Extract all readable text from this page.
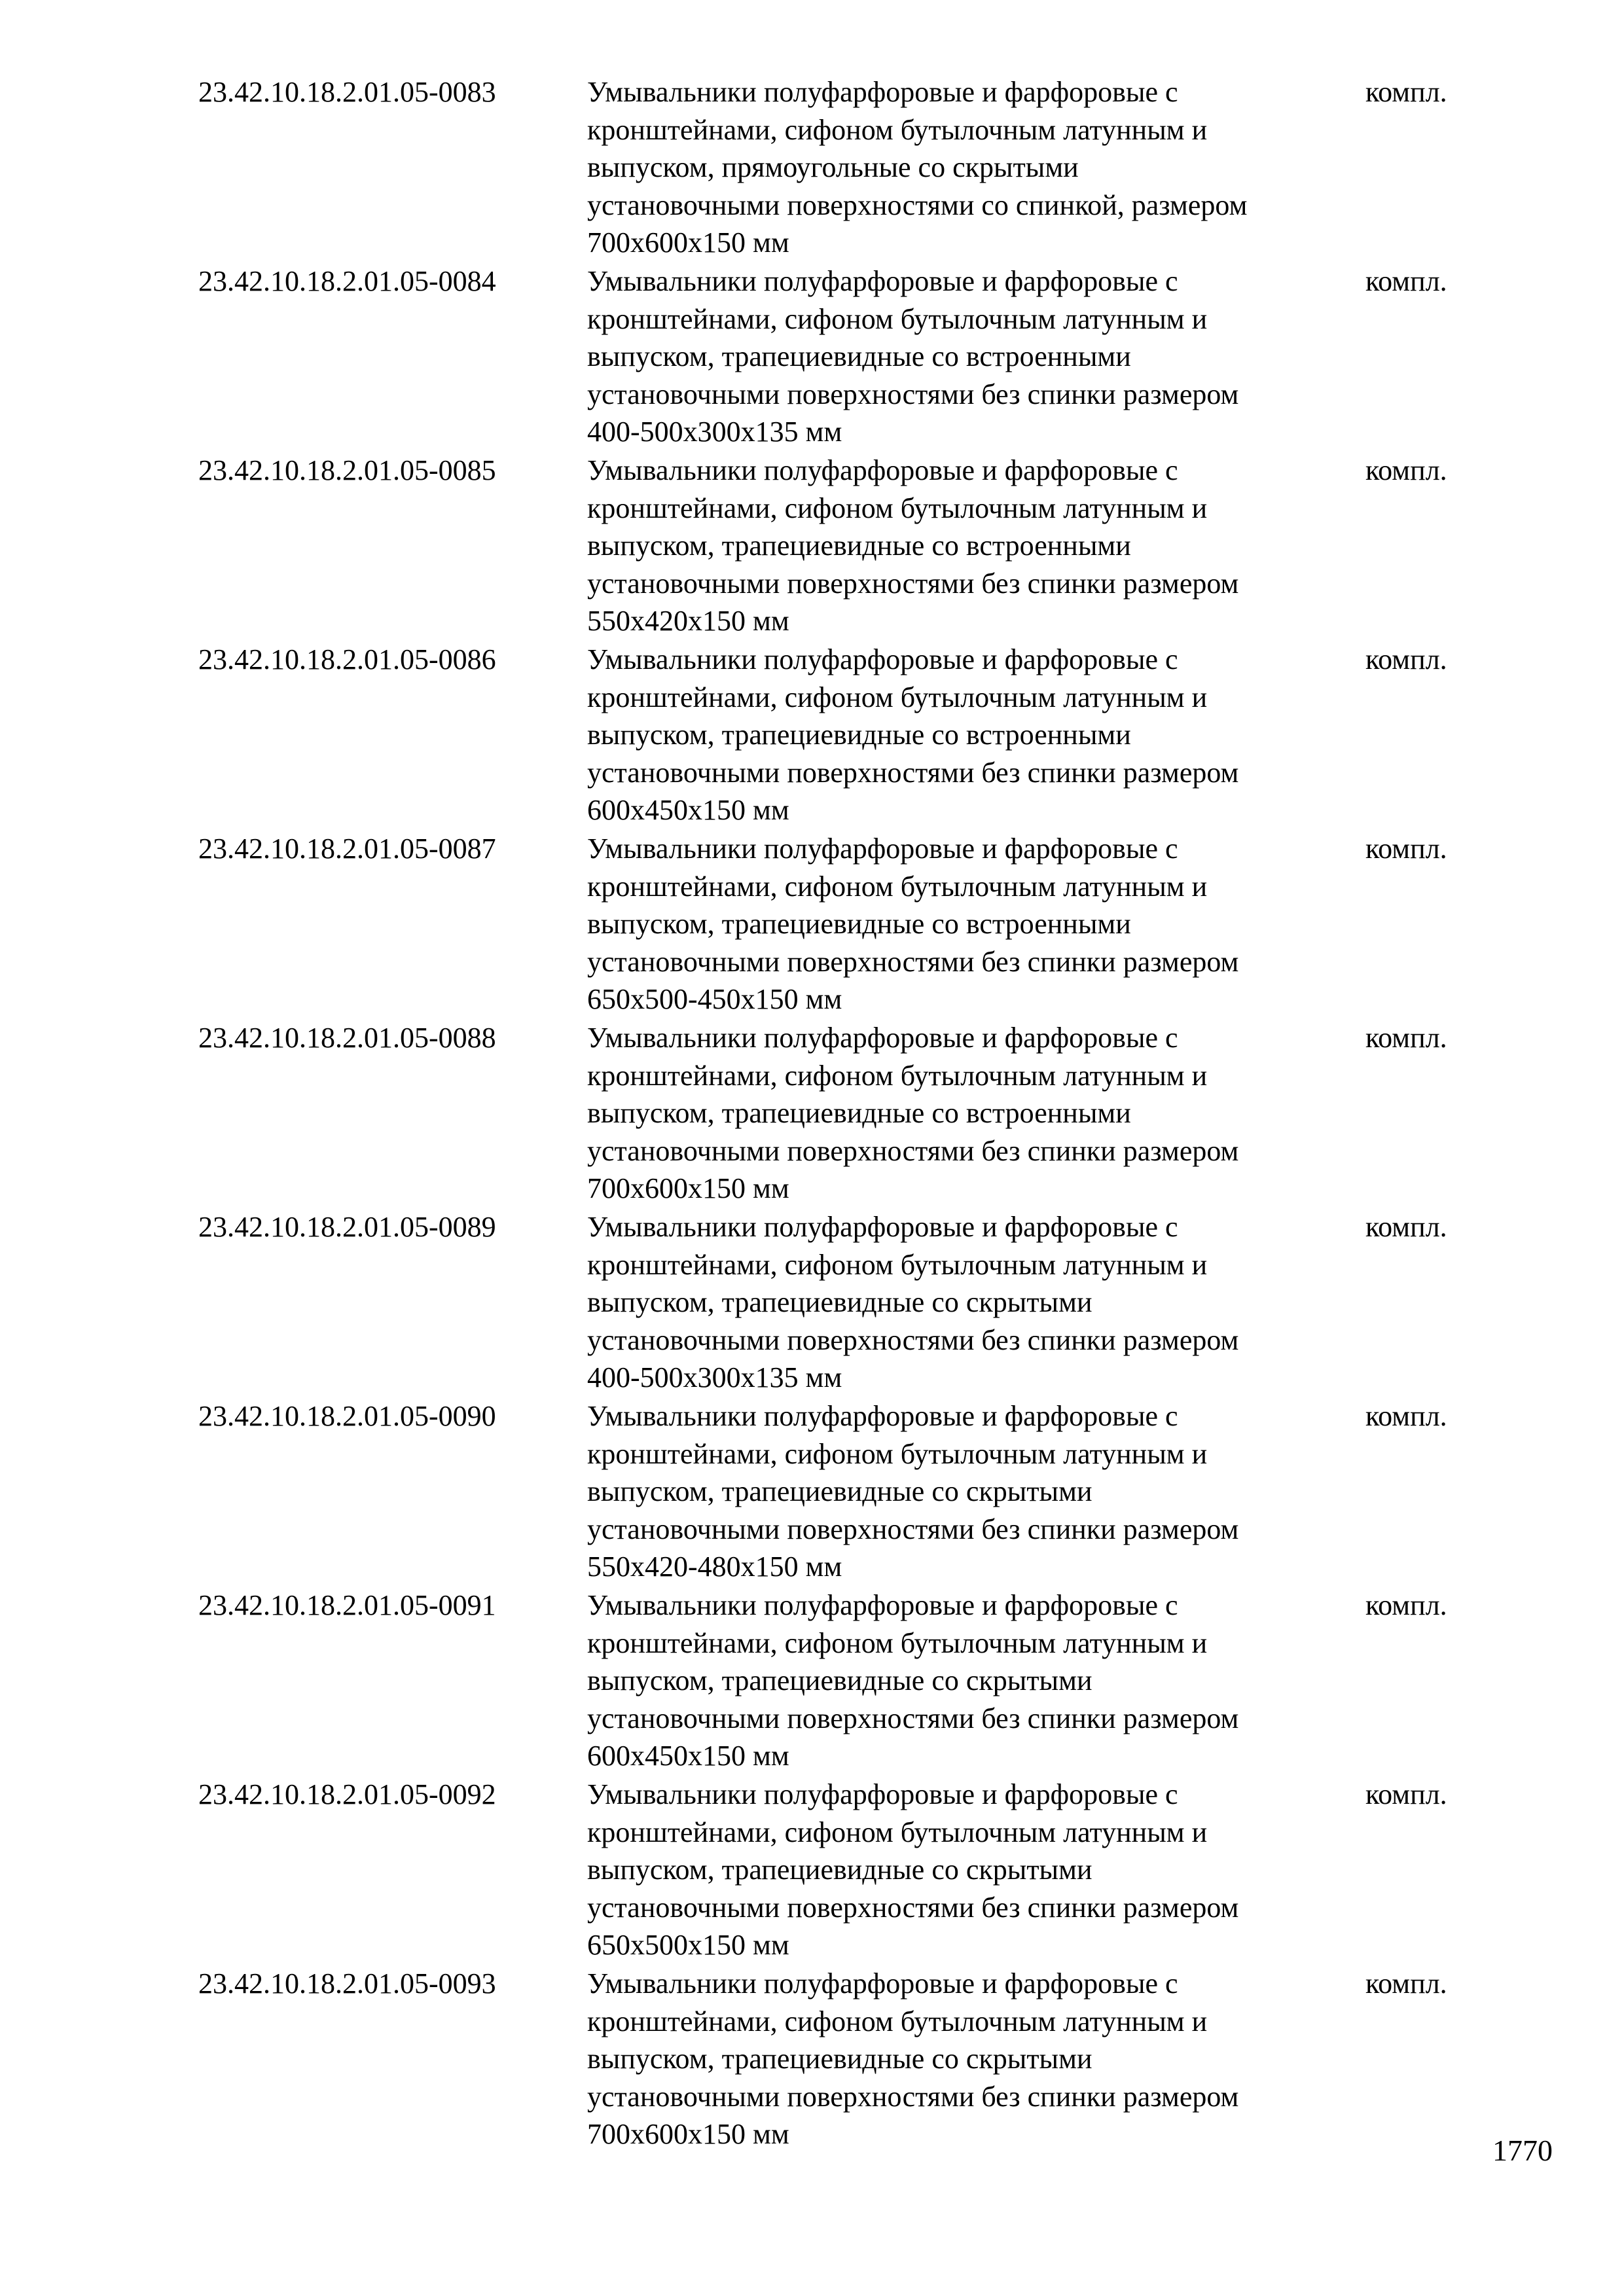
23.42.10.18.2.01.05-0083	Умывальники полуфарфоровые и фарфоровые с
кронштейнами, сифоном бутылочным латунным и
выпуском, прямоугольные со скрытыми
установочными поверхностями со спинкой, размером
700х600х150 мм
компл.
23.42.10.18.2.01.05-0084	Умывальники полуфарфоровые и фарфоровые с
кронштейнами, сифоном бутылочным латунным и
выпуском, трапециевидные со встроенными
установочными поверхностями без спинки размером
400-500х300х135 мм
компл.
23.42.10.18.2.01.05-0085	Умывальники полуфарфоровые и фарфоровые с
кронштейнами, сифоном бутылочным латунным и
выпуском, трапециевидные со встроенными
установочными поверхностями без спинки размером
550х420х150 мм
компл.
23.42.10.18.2.01.05-0086	Умывальники полуфарфоровые и фарфоровые с
кронштейнами, сифоном бутылочным латунным и
выпуском, трапециевидные со встроенными
установочными поверхностями без спинки размером
600х450х150 мм
компл.
23.42.10.18.2.01.05-0087	Умывальники полуфарфоровые и фарфоровые с
кронштейнами, сифоном бутылочным латунным и
выпуском, трапециевидные со встроенными
установочными поверхностями без спинки размером
650х500-450х150 мм
компл.
23.42.10.18.2.01.05-0088	Умывальники полуфарфоровые и фарфоровые с
кронштейнами, сифоном бутылочным латунным и
выпуском, трапециевидные со встроенными
установочными поверхностями без спинки размером
700х600х150 мм
компл.
23.42.10.18.2.01.05-0089	Умывальники полуфарфоровые и фарфоровые с
кронштейнами, сифоном бутылочным латунным и
выпуском, трапециевидные со скрытыми
установочными поверхностями без спинки размером
400-500х300х135 мм
компл.
23.42.10.18.2.01.05-0090	Умывальники полуфарфоровые и фарфоровые с
кронштейнами, сифоном бутылочным латунным и
выпуском, трапециевидные со скрытыми
установочными поверхностями без спинки размером
550х420-480х150 мм
компл.
23.42.10.18.2.01.05-0091	Умывальники полуфарфоровые и фарфоровые с
кронштейнами, сифоном бутылочным латунным и
выпуском, трапециевидные со скрытыми
установочными поверхностями без спинки размером
600х450х150 мм
компл.
23.42.10.18.2.01.05-0092	Умывальники полуфарфоровые и фарфоровые с
кронштейнами, сифоном бутылочным латунным и
выпуском, трапециевидные со скрытыми
установочными поверхностями без спинки размером
650х500х150 мм
компл.
23.42.10.18.2.01.05-0093	Умывальники полуфарфоровые и фарфоровые с
кронштейнами, сифоном бутылочным латунным и
выпуском, трапециевидные со скрытыми
установочными поверхностями без спинки размером
700х600х150 мм
компл.
1770
